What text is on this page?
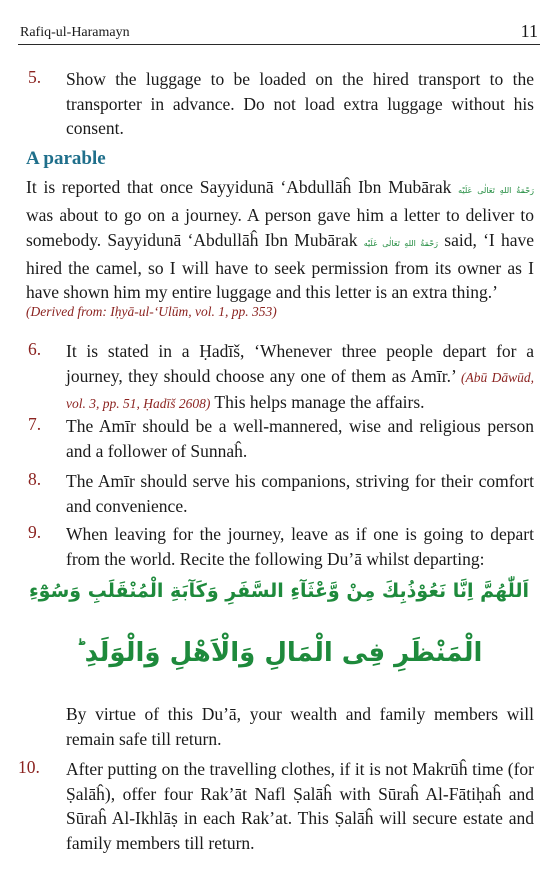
Rafiq-ul-Haramayn	11
5. Show the luggage to be loaded on the hired transport to the transporter in advance. Do not load extra luggage without his consent.
A parable
It is reported that once Sayyidunā ‘Abdullāĥ Ibn Mubārak رَحْمَةُ اللهِ تَعَالٰى عَلَيْه was about to go on a journey. A person gave him a letter to deliver to somebody. Sayyidunā ‘Abdullāĥ Ibn Mubārak رَحْمَةُ اللهِ تَعَالٰى عَلَيْه said, ‘I have hired the camel, so I will have to seek permission from its owner as I have shown him my entire luggage and this letter is an extra thing.’
(Derived from: Iḥyā-ul-‘Ulūm, vol. 1, pp. 353)
6. It is stated in a Ḥadīš, ‘Whenever three people depart for a journey, they should choose any one of them as Amīr.’ (Abū Dāwūd, vol. 3, pp. 51, Ḥadīš 2608) This helps manage the affairs.
7. The Amīr should be a well-mannered, wise and religious person and a follower of Sunnaĥ.
8. The Amīr should serve his companions, striving for their comfort and convenience.
9. When leaving for the journey, leave as if one is going to depart from the world. Recite the following Du’ā whilst departing:
اَللّٰهُمَّ اِنَّا نَعُوْذُبِكَ مِنْ وَّعْثَآءِ السَّفَرِ وَكَآبَةِ الْمُنْقَلَبِ وَسُوْٓءِ
الْمَنْظَرِ فِی الْمَالِ وَالْاَهْلِ وَالْوَلَدِ ؕ
By virtue of this Du’ā, your wealth and family members will remain safe till return.
10. After putting on the travelling clothes, if it is not Makrūĥ time (for Ṣalāĥ), offer four Rak’āt Nafl Ṣalāĥ with Sūraĥ Al-Fātiḥaĥ and Sūraĥ Al-Ikhlāṣ in each Rak’at. This Ṣalāĥ will secure estate and family members till return.
